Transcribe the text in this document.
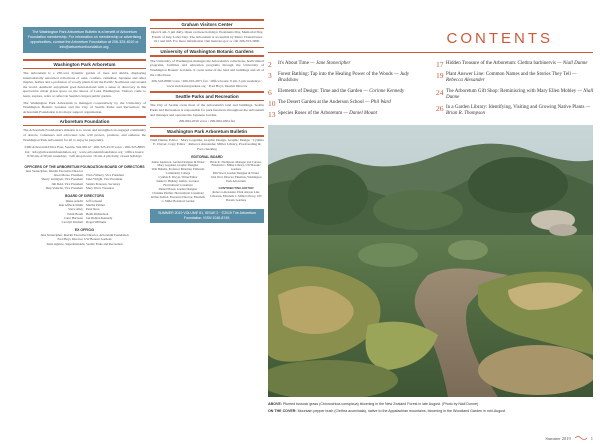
The Washington Park Arboretum Bulletin is a benefit of Arboretum Foundation membership. For information on membership or advertising opportunities, contact the Arboretum Foundation at 206-325-4510 or info@arboretumfoundation.org.
Washington Park Arboretum

The Arboretum is a 230-acre dynamic garden of trees and shrubs, displaying internationally renowned collections of oaks, conifers, camellias, Japanese and other maples, hollies and a profusion of woody plants from the Pacific Northwest and around the world. Aesthetic enjoyment goes hand-in-hand with a sense of discovery in this spectacular urban green space on the shores of Lake Washington. Visitors come to learn, explore, relax or reflect in Seattle's largest public garden.

The Washington Park Arboretum is managed cooperatively by the University of Washington Botanic Gardens and the City of Seattle Parks and Recreation; the Arboretum Foundation is its major support organization.

Arboretum Foundation

The Arboretum Foundation's mission is to create and strengthen an engaged community of donors, volunteers and advocates who will protect, promote, and enhance the Washington Park Arboretum for all to enjoy in perpetuity.

2300 Arboretum Drive East, Seattle, WA 98112 · 206-325-4510 voice / 206-325-8893 fax · info@arboretumfoundation.org · www.arboretumfoundation.org · Office hours: 8:30 am–4:30 pm weekdays · Gift shop hours: 10 am–4 pm daily, closed holidays

OFFICERS OF THE ARBORETUM FOUNDATION BOARD OF DIRECTORS
Jane Stonecipher, Interim Executive Director
Jason Morse, President
Sherry Lundgren, Vice President
Jim Reid, Vice President
Skip Vanscha, Vice President

Tricia Wherry, Vice President
Janet Wright, Vice President
Sandra Peterson, Secretary
Mary Ward, Treasurer
BOARD OF DIRECTORS
Diane Adachi
Jean Affleck-Smith
Steve Alley
Tobin Booth
Carol Harrison
Carolyn Kitchell
Jeff Leboeuf
Martha Palmer
Peter Ross
Heidi Richardson
Jan Ridlon-Kennedy
Roger Williams
EX OFFICIO
Jane Stonecipher, Interim Executive Director, Arboretum Foundation
Fred Hoyt, Director, UW Botanic Gardens
Jesús Aguirre, Superintendent, Seattle Parks and Recreation
Graham Visitors Center

Open 9 am–5 pm daily. Open on these holidays: Presidents Day, Memorial Day, Fourth of July, Labor Day. The Arboretum is accessible by Metro Transit buses #11 and #43. For more information visit metrokc.gov or call 206-553-3000.

University of Washington Botanic Gardens

The University of Washington manages the Arboretum's collections, horticultural programs, facilities and education programs through the University of Washington Botanic Gardens. It owns some of the land and buildings and all of the collections.

206-543-8800 voice / 206-616-2871 fax · Office hours: 9 am–5 pm weekdays · www.uwbotanicgardens.org · Fred Hoyt, Interim Director

Seattle Parks and Recreation

The City of Seattle owns most of the Arboretum's land and buildings. Seattle Parks and Recreation is responsible for park functions throughout the Arboretum and manages and operates the Japanese Garden.

206-684-4556 voice / 206-684-4304 fax

Washington Park Arboretum Bulletin

Niall Dunne, Editor · Mary Gogolski, Graphic Design, Graphic Design · Cynthia E. Dwyer, Copy Editor · Rebecca Alexander, Miller Library, Proofreading & Fact-checking

EDITORIAL BOARD
Janine Anderson, Garden Designer & Writer
Mary Gogolski, Graphic Designer
Walt Bubelis, Professor Emeritus, Edmonds Community College
Cynthia E. Dwyer, Writer/Editor
Daniel J. Hinkley, Author, Lecturer, Horticultural Consultant
Daniel Mount, Garden Designer
Christina Pfeiffer, Horticultural Consultant
Richie Steffen, Executive Director, Elisabeth C. Miller Botanical Garden
Brian R. Thompson, Manager and Curator, Elisabeth C. Miller Library, UW Botanic Gardens
Phil Wood, Garden Designer & Writer
John Wott, Director Emeritus, Washington Park Arboretum
CONTRIBUTING EDITOR
Rebecca Alexander, Plant Answer Line Librarian, Elisabeth C. Miller Library, UW Botanic Gardens
SUMMER 2019 VOLUME 81, ISSUE 2 · ©2019 The Arboretum Foundation. ISSN 1046-8749.
CONTENTS
2	It's About Time — Jane Stonecipher
3	Forest Bathing: Tap into the Healing Power of the Woods — Judy Bradshaw
6	Elements of Design: Time and the Garden — Corinne Kennedy
10 The Desert Garden at the Anderson School — Phil Ward
13 Species Roses of the Arboretum — Daniel Mount
17 Hidden Treasure of the Arboretum: Clethra barbinervis — Niall Dunne
19 Plant Answer Line: Common Names and the Stories They Tell — Rebecca Alexander
24 The Arboretum Gift Shop: Reminiscing with Mary Ellen Mobley — Niall Dunne
26 In a Garden Library: Identifying, Visiting and Growing Native Plants — Brian R. Thompson
ABOVE: Plumed tussock grass (Chionochloa conspicua) blooming in the New Zealand Forest in late August. (Photo by Niall Dunne)
ON THE COVER: Mountain pepper bush (Clethra acuminata), native to the Appalachian mountains, blooming in the Woodland Garden in mid-August.
Summer 2019	1
